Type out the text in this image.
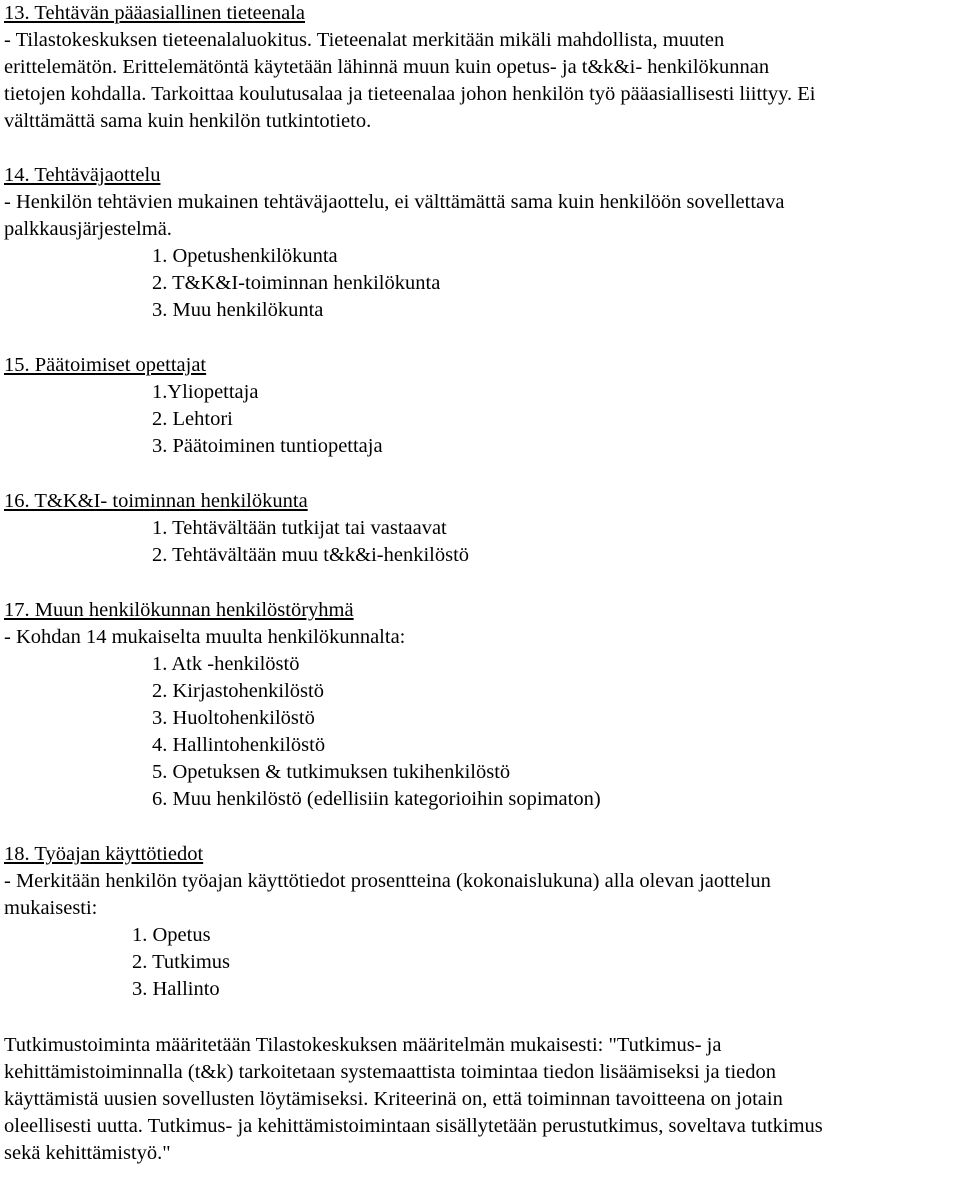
13. Tehtävän pääasiallinen tieteenala
- Tilastokeskuksen tieteenalaluokitus. Tieteenalat merkitään mikäli mahdollista, muuten
erittelemätön. Erittelemätöntä käytetään lähinnä muun kuin opetus- ja t&k&i- henkilökunnan
tietojen kohdalla. Tarkoittaa koulutusalaa ja tieteenalaa johon henkilön työ pääasiallisesti liittyy. Ei
välttämättä sama kuin henkilön tutkintotieto.
14. Tehtäväjaottelu
- Henkilön tehtävien mukainen tehtäväjaottelu, ei välttämättä sama kuin henkilöön sovellettava
palkkausjärjestelmä.
1. Opetushenkilökunta
2. T&K&I-toiminnan henkilökunta
3. Muu henkilökunta
15. Päätoimiset opettajat
1.Yliopettaja
2. Lehtori
3. Päätoiminen tuntiopettaja
16. T&K&I- toiminnan henkilökunta
1. Tehtävältään tutkijat tai vastaavat
2. Tehtävältään muu t&k&i-henkilöstö
17. Muun henkilökunnan henkilöstöryhmä
- Kohdan 14 mukaiselta muulta henkilökunnalta:
1. Atk -henkilöstö
2. Kirjastohenkilöstö
3. Huoltohenkilöstö
4. Hallintohenkilöstö
5. Opetuksen & tutkimuksen tukihenkilöstö
6. Muu henkilöstö (edellisiin kategorioihin sopimaton)
18. Työajan käyttötiedot
- Merkitään henkilön työajan käyttötiedot prosentteina (kokonaislukuna) alla olevan jaottelun
mukaisesti:
1. Opetus
2. Tutkimus
3. Hallinto
Tutkimustoiminta määritetään Tilastokeskuksen määritelmän mukaisesti: "Tutkimus- ja
kehittämistoiminnalla (t&k) tarkoitetaan systemaattista toimintaa tiedon lisäämiseksi ja tiedon
käyttämistä uusien sovellusten löytämiseksi. Kriteerinä on, että toiminnan tavoitteena on jotain
oleellisesti uutta. Tutkimus- ja kehittämistoimintaan sisällytetään perustutkimus, soveltava tutkimus
sekä kehittämistyö."
